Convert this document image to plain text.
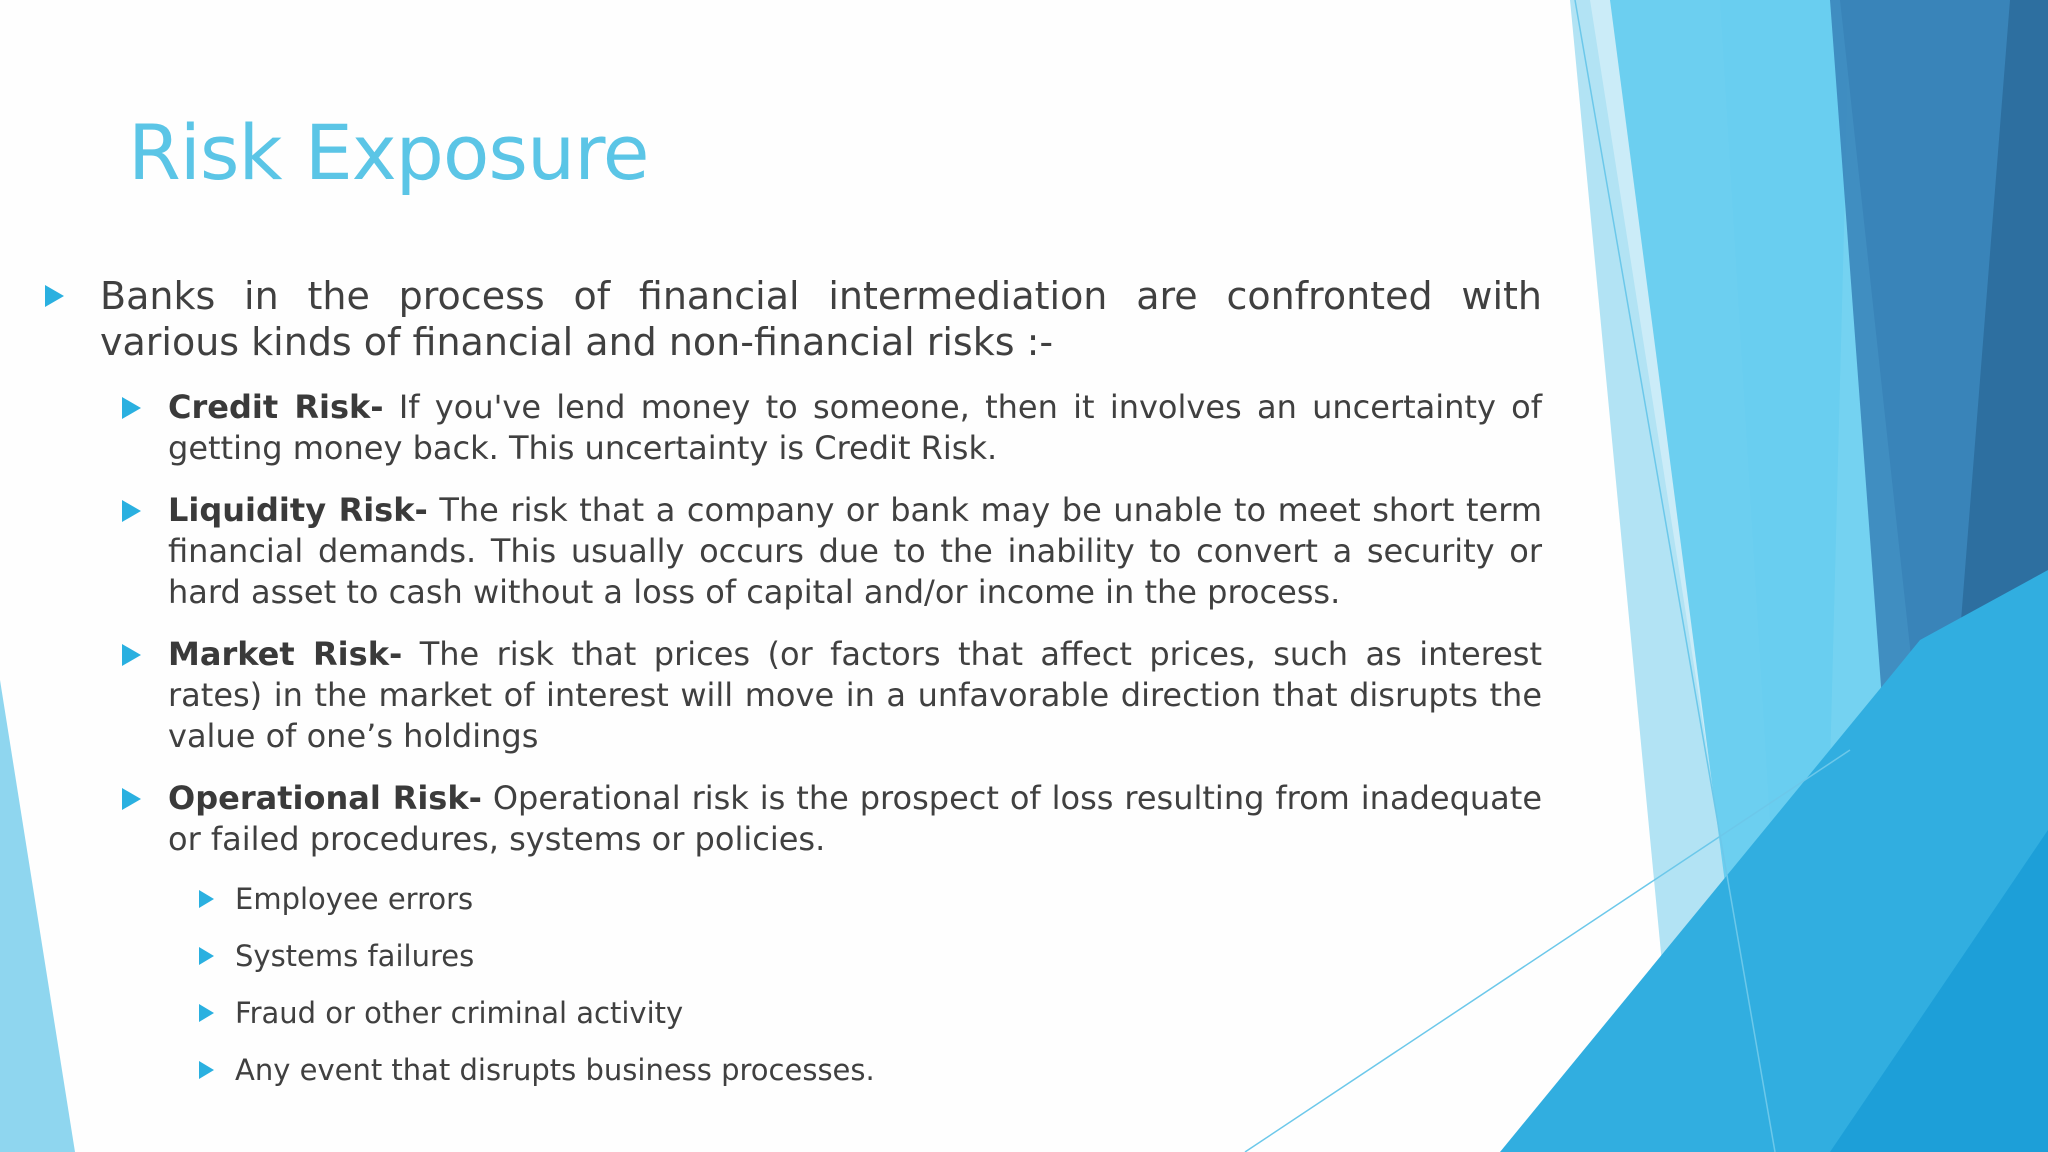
Risk Exposure
Banks in the process of financial intermediation are confronted with various kinds of financial and non-financial risks :-
Credit Risk- If you've lend money to someone, then it involves an uncertainty of getting money back. This uncertainty is Credit Risk.
Liquidity Risk- The risk that a company or bank may be unable to meet short term financial demands. This usually occurs due to the inability to convert a security or hard asset to cash without a loss of capital and/or income in the process.
Market Risk- The risk that prices (or factors that affect prices, such as interest rates) in the market of interest will move in a unfavorable direction that disrupts the value of one’s holdings
Operational Risk- Operational risk is the prospect of loss resulting from inadequate or failed procedures, systems or policies.
Employee errors
Systems failures
Fraud or other criminal activity
Any event that disrupts business processes.
